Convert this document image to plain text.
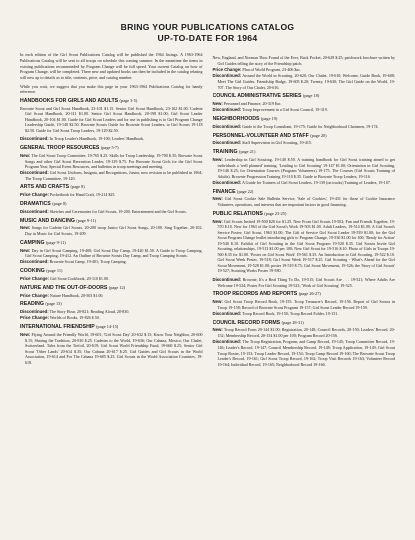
BRING YOUR PUBLICATIONS CATALOG
UP-TO-DATE FOR 1964

In each edition of the Girl Scout Publications Catalog will be published the 1964 listings. A 1963-1964 Publications Catalog will be sent to all troops on schedule this coming summer. In the meantime the items in existing publications recommended by Program Change will be full speed. Your current Catalog on how of Program Change, will be completed. There new and updated books can then be included in the catalog relating will new up to details as to title, contents, price, and catalog number.

While you wait, we suggest that you make this page in your 1963-1964 Publications Catalog for handy reference.

HANDBOOKS FOR GIRLS AND ADULTS (page 3-5)

Brownie Scout and Girl Scout Handbook, 23-101 $1.15. Senior Girl Scout Handbook, 23-102 $1.00. Cadette Girl Scout Handbook, 20-111 $1.00. Senior Girl Scout Handbook, 20-198 $1.00; Girl Scout Leader Handbook, 20-104 $1.00. Guide for Girl Scout Leaders and for use in publishing is to Girl Program Change Leadership Guide, 19-140 $2.50. Brownie Scouts Guide for Brownie Scout Leaders, to Girl Scouts 19-118 $2.50. Guide for Girl Scout Troop Leaders, 19-129 $2.50.

Discontinued: In Troop Leader's Handbook, 19-100; Leaders' Handbook.

GENERAL TROOP RESOURCES (page 5-7)

New: The Girl Scout Troop Committee, 19-765 $.25. Skills for Troop Leadership, 19-700 $.35; Brownie Scout Songs and other Girl Scout Recreation Leader, 19-139 $.75. For Brownie Scout Girls for the Girl Scout Program Year, Special Event Resources, and bulletins in troop meetings and meeting.

Discontinued: Girl Scout Uniform, Insignia, and Recognitions, Junior, now revision to be published in 1964; The Troop Committee, 19-120.

ARTS AND CRAFTS (page 8)

Price Change: Pocketbook for Hand Craft, 19-214 $25.

DRAMATICS (page 8)

Discontinued: Sketches and Ceremonies for Girl Scouts, 19-200, Enterainment and the Girl Scouts.

MUSIC AND DANCING (page 9-11)

New: Songs for Cadette Girl Scouts, 20-200 troop Junior Girl Scout Songs, 20-100. Sing Together, 20-102. Day in Music for Girl Scouts, 19-209.

CAMPING (page 9-11)

New: Day in Girl Scout Camping, 19-400; Girl Scout Day Camp, 19-420 $1.50. A Guide to Troop Camping. Girl Scout Camping, 19-412. An Outline of Brownie Scouts Day Camp, and Troop Camping Scouts.

Discontinued: Brownie Scout Camp, 19-401; Troop Camping.

COOKING (page 11)

Price Change: Girl Scout Cookbook, 20-110 $1.00.

NATURE AND THE OUT-OF-DOORS (page 12)

Price Change: Nature Handbook, 20-503 $1.00.

READING (page 13)

Discontinued: The Story Hour, 20-821; Reading Aloud, 20-830.

Price Change: Worlds of Books, 19-826 $.50.

INTERNATIONAL FRIENDSHIP (page 14-15)

New: Flying Around the Friendly World, 19-601; 'Girl Scout Day' 20-632 $.15; Know Your Neighbor, 20-600 $.15; Sharing the Tradition, 20-810 $.25. Cadettes to the World, 19-636; Our Cabana, Mexico; Our Chalet, Switzerland. Tales from the Trefoil, 20-619; Girl Scout World Friendship Fund, 19-660 $.25; Senior Girl Scout 'Other Lands' 20-614 $.35; Our Cabana 20-617 $.25. Girl Guides and Girl Scouts in the World Association, 19-614 and For The Cabana 19-605 $.25. Girl Scouts in the World Association Countries, 19-618.

New, England, and Norman Thou Found of the Ever, Back Pocket, 20-628 $.25; patchwork brochure written by Girl Guides telling the story of the Friendship patch.

Price Change: Plan of World Program, 23-406 $ac.

Discontinued: Around the World in Scouting, 20-620; Our Chalet, 19-610; Welcome, Guide Book, 19-608; Meet The Girl Guides, Friendship Badge, 19-605 $.20; Twenty, 19-630; The Girl Guide on the World, 19-707. The Story of Our Chalet, 20-616.

COUNCIL ADMINISTRATIVE SERIES (page 18)

New: Personnel and Finance, 20-319 $ac.

Discontinued: Troop Improvement in a Girl Scout Council, 19-319.

NEIGHBORHOODS (page 19)

Discontinued: Guide to the Troop Consultant, 19-175; Guide for Neighborhood Chairmen, 19-174.

PERSONNEL-VOLUNTEER AND STAFF (page 20)

Discontinued: Staff Supervision in Girl Scouting, 19-415.

TRAINING (page 21)

New: Leadership in Girl Scouting, 19-140 $.50. A training handbook for Girl Scout training aimed to get individuals a 'well planned' training. 'Leading to Girl Scouting' 19-147 $1.00; Orientation in Girl Scouting, 19-146 $.25; for Orientation Courses (Program Volunteers) 19-175. The Courses (Girl Scouts Training of Adults). Brownie Progression Training 19-110 $.35. Guide to Brownie Troop Leaders, 19-116.

Discontinued: A Guide for Trainers of Girl Scout Leaders, 19-139 (on tracks) Training of Leaders, 19-107.

FINANCE (page 22)

New: Girl Scout Cookie Sale Bulletin Service, 'Sale of Cookies', 19-431 for those of Cookie Insurance Volunteer, operations, and interests that are important factors in good financing.

PUBLIC RELATIONS (page 23-25)

New: Girl Scouts Invited 19-500 $20 for $1.25. New From Girl Scouts 19-502; Fun and Friends Together, 19-570 $.10. New for 1963 of the Girl Scout's Work 19-503 $1.00. Adult Leaders, 19-514 $1.00. A Girl Scout's Service Poster; Girl Scout, 1963 $1.00; The Gift of Service Girl Scout Leader 19-539 $1.00; for the Girl Scout Program Change leaflet introducing girls to Program Change, 19-530 $1.00 for 100; 'Ready for Action' 19-540 $.10. Exhibit of Girl Scouting in the Girl Scout Program 19-520 $.35. Girl Scouts Invite Girl Scouting, relationships, 19-513 $1.00 per 100; New Girl Scout for 19-516 $.10. Photo of Girls in Troops 19-560 $.35 for $1.00. 'Poster on Girl Scout Work' 19-561 $.35. An Introduction to Girl Scouting, 19-522 $.10. Girl Scout Week Poster, 19-518; Girl Scout Week 19-517 $.25. Girl Scouting - What's Ahead for the Girl Scout Movement, 19-528 $1.00; poster 19-519 $.75; Girl Scout Movement, 19-526; the 'Story of Girl Scouts' 19-527; Scouting Works Poster 19-580.

Discontinued: Brownie, It's a Real Thing To Do, 19-515; Girl Scouts Are . . . 19-521; Where Adults Are Welcome 19-524; Poster For Girl Scouting 19-523; 'Work of Girl Scouting' 19-525.

TROOP RECORDS AND REPORTS (page 26-27)

New: Girl Scout Troop Record Book, 19-155. Troop Treasurer's Record, 19-156. Report of Girl Scouts in Troop 19-158; Record of Brownie Scout Program 19-157; Girl Scout Leader Record 19-159.

Discontinued: Troop Record Book, 19-150; Troop Record Folder, 19-151.

COUNCIL RECORD FORMS (page 28-31)

New: Troop Record Form 20-144 $1.00; Registration, 20-148; Council Records, 20-150; Leaders' Record, 20-152; Membership Record, 20-154 $1.00 per 100; Program Record 20-156.

Discontinued: The Troop Registration, Program, and Camp Record, 19-145; Troop Committee Record, 19-146; Leader's Record, 19-147; Council Membership Record, 19-148; Troop Application, 19-149; Girl Scout Troop Roster, 19-153; Troop Leader Record, 19-154; Troop Camp Record 19-160; The Brownie Scout Troop Leader's Record, 19-161; Girl Scout Troop Record, 19-162; Troop Visit Records 19-163; Volunteer Record 19-164; Individual Record, 19-165; Neighborhood Record 19-166.
